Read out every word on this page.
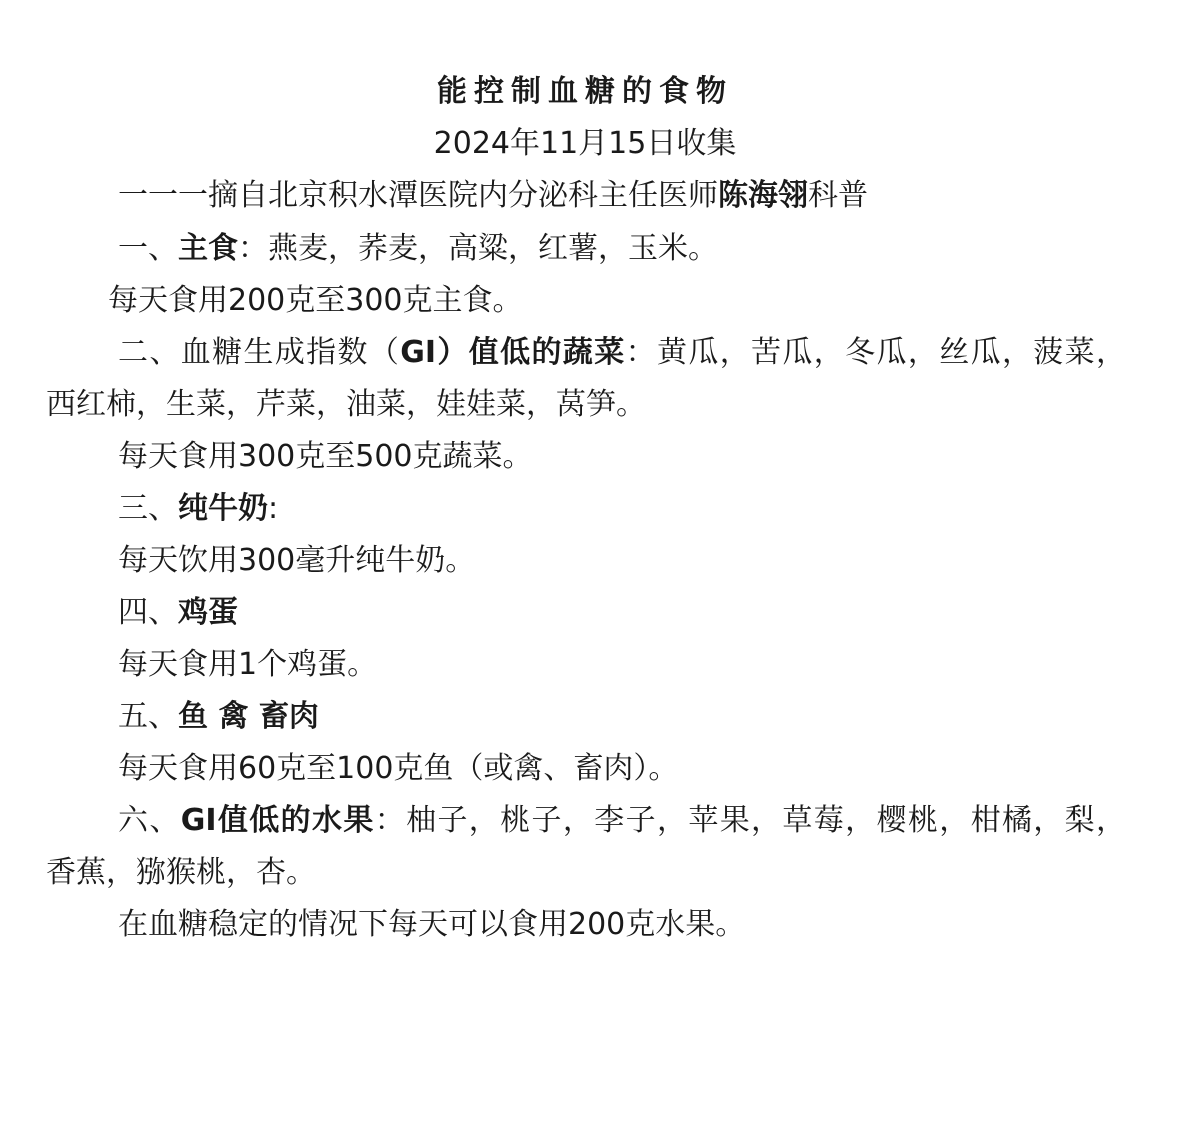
能控制血糖的食物
2024年11月15日收集
一一一摘自北京积水潭医院内分泌科主任医师陈海翎科普
一、主食：燕麦，荞麦，高粱，红薯，玉米。
每天食用200克至300克主食。
二、血糖生成指数（GI）值低的蔬菜：黄瓜，苦瓜，冬瓜，丝瓜，菠菜，
西红柿，生菜，芹菜，油菜，娃娃菜，莴笋。
每天食用300克至500克蔬菜。
三、纯牛奶:
每天饮用300毫升纯牛奶。
四、鸡蛋
每天食用1个鸡蛋。
五、鱼 禽 畜肉
每天食用60克至100克鱼（或禽、畜肉）。
六、GI值低的水果：柚子，桃子，李子，苹果，草莓，樱桃，柑橘，梨，
香蕉，猕猴桃，杏。
在血糖稳定的情况下每天可以食用200克水果。
